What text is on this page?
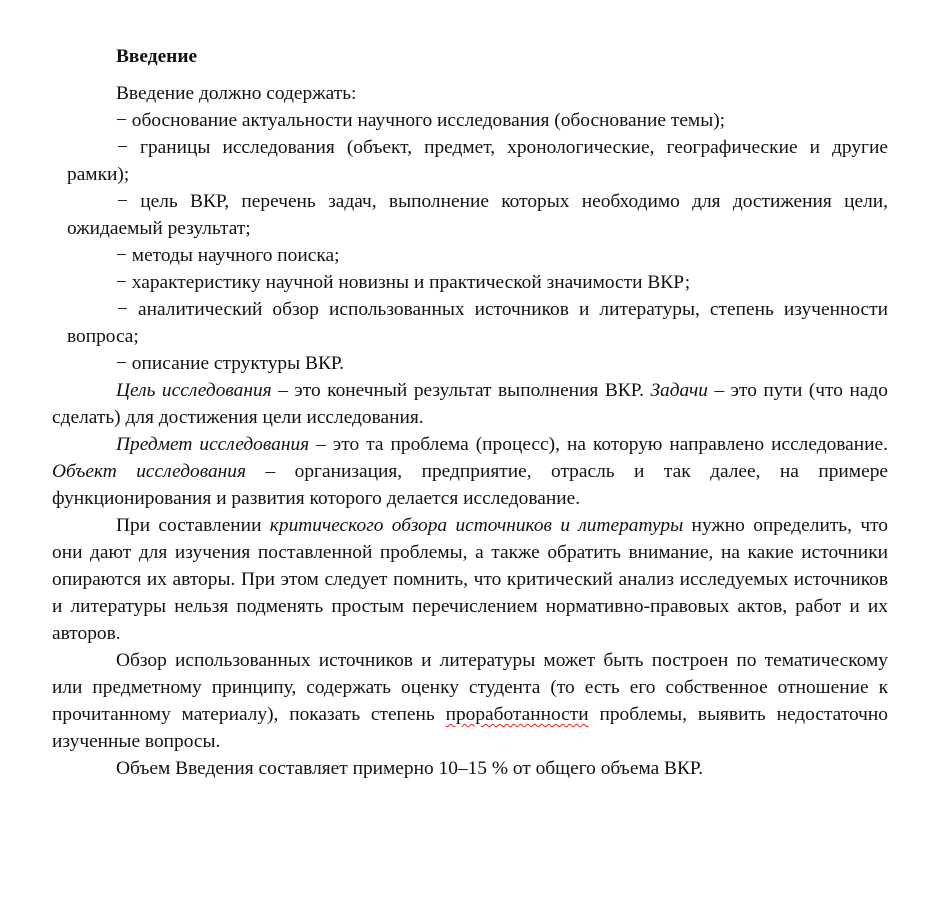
Введение

Введение должно содержать:

− обоснование актуальности научного исследования (обоснование темы);

− границы исследования (объект, предмет, хронологические, географические и другие рамки);

− цель ВКР, перечень задач, выполнение которых необходимо для достижения цели, ожидаемый результат;

− методы научного поиска;

− характеристику научной новизны и практической значимости ВКР;

− аналитический обзор использованных источников и литературы, степень изученности вопроса;

− описание структуры ВКР.

Цель исследования – это конечный результат выполнения ВКР. Задачи – это пути (что надо сделать) для достижения цели исследования.

Предмет исследования – это та проблема (процесс), на которую направлено исследование. Объект исследования – организация, предприятие, отрасль и так далее, на примере функционирования и развития которого делается исследование.

При составлении критического обзора источников и литературы нужно определить, что они дают для изучения поставленной проблемы, а также обратить внимание, на какие источники опираются их авторы. При этом следует помнить, что критический анализ исследуемых источников и литературы нельзя подменять простым перечислением нормативно-правовых актов, работ и их авторов.

Обзор использованных источников и литературы может быть построен по тематическому или предметному принципу, содержать оценку студента (то есть его собственное отношение к прочитанному материалу), показать степень проработанности проблемы, выявить недостаточно изученные вопросы.

Объем Введения составляет примерно 10–15 % от общего объема ВКР.
